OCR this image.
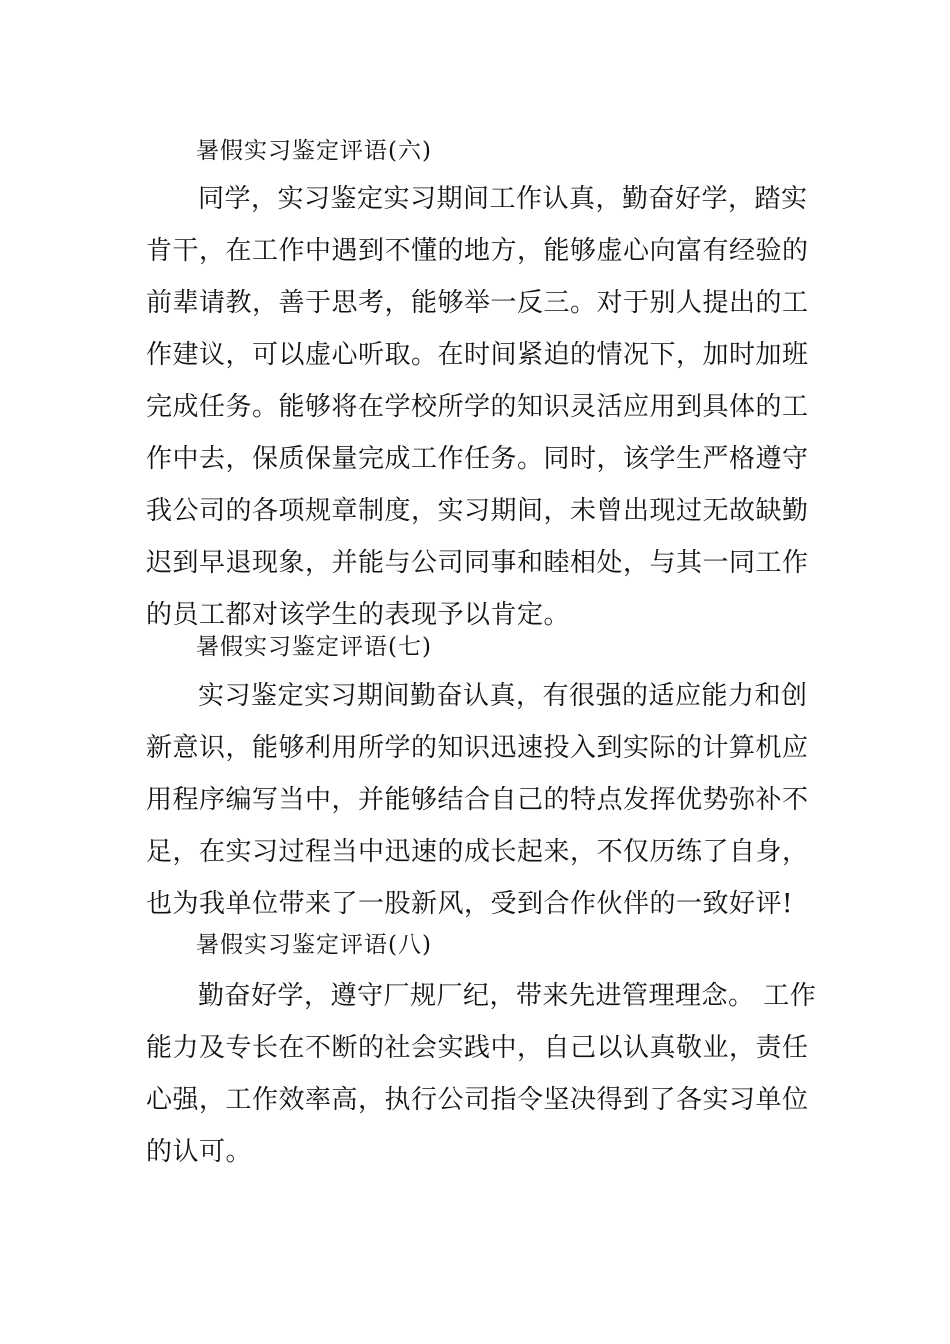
暑假实习鉴定评语(六)
同学，实习鉴定实习期间工作认真，勤奋好学，踏实
肯干，在工作中遇到不懂的地方，能够虚心向富有经验的
前辈请教，善于思考，能够举一反三。对于别人提出的工
作建议，可以虚心听取。在时间紧迫的情况下，加时加班
完成任务。能够将在学校所学的知识灵活应用到具体的工
作中去，保质保量完成工作任务。同时，该学生严格遵守
我公司的各项规章制度，实习期间，未曾出现过无故缺勤
迟到早退现象，并能与公司同事和睦相处，与其一同工作
的员工都对该学生的表现予以肯定。
暑假实习鉴定评语(七)
实习鉴定实习期间勤奋认真，有很强的适应能力和创
新意识，能够利用所学的知识迅速投入到实际的计算机应
用程序编写当中，并能够结合自己的特点发挥优势弥补不
足，在实习过程当中迅速的成长起来，不仅历练了自身，
也为我单位带来了一股新风，受到合作伙伴的一致好评!
暑假实习鉴定评语(八)
勤奋好学，遵守厂规厂纪，带来先进管理理念。 工作
能力及专长在不断的社会实践中，自己以认真敬业，责任
心强，工作效率高，执行公司指令坚决得到了各实习单位
的认可。
